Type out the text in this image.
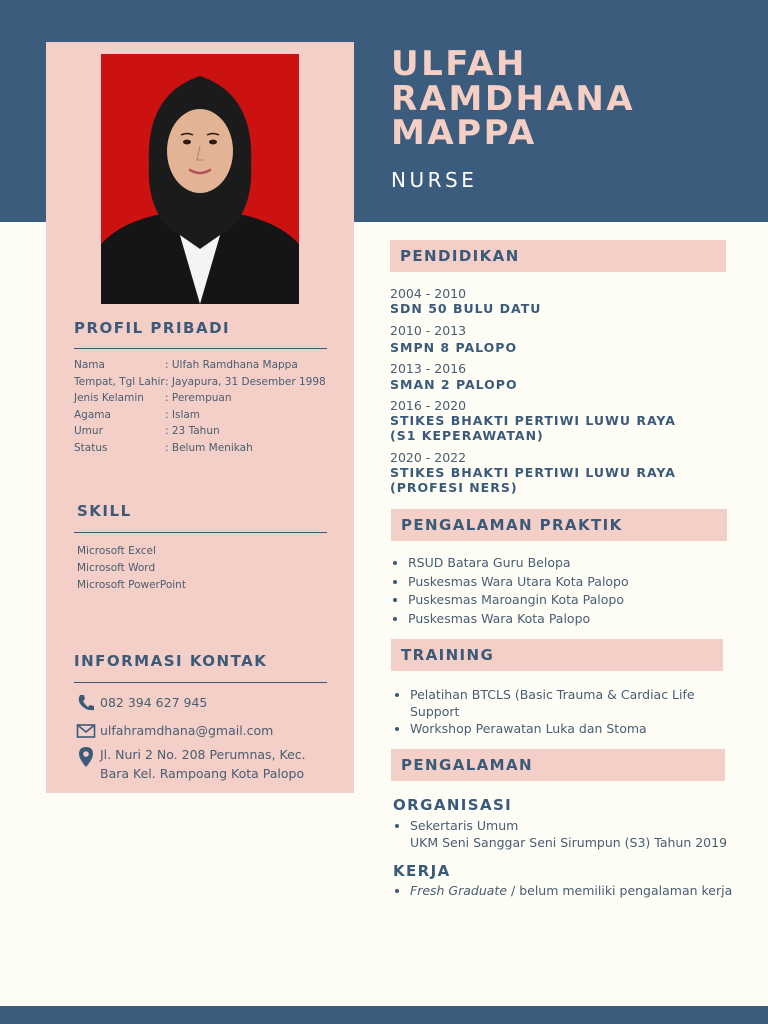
PROFIL PRIBADI
Nama	: Ulfah Ramdhana Mappa
Tempat, Tgl Lahir : Jayapura, 31 Desember 1998
Jenis Kelamin	: Perempuan
Agama	: Islam
Umur	: 23 Tahun
Status	: Belum Menikah
SKILL
Microsoft Excel
Microsoft Word
Microsoft PowerPoint
INFORMASI KONTAK
082 394 627 945
ulfahramdhana@gmail.com
Jl. Nuri 2 No. 208 Perumnas, Kec.
Bara Kel. Rampoang Kota Palopo
ULFAH
RAMDHANA
MAPPA
NURSE
PENDIDIKAN
2004 - 2010
SDN 50 BULU DATU
2010 - 2013
SMPN 8 PALOPO
2013 - 2016
SMAN 2 PALOPO
2016 - 2020
STIKES BHAKTI PERTIWI LUWU RAYA
(S1 KEPERAWATAN)
2020 - 2022
STIKES BHAKTI PERTIWI LUWU RAYA
(PROFESI NERS)
PENGALAMAN PRAKTIK
RSUD Batara Guru Belopa
Puskesmas Wara Utara Kota Palopo
Puskesmas Maroangin Kota Palopo
Puskesmas Wara Kota Palopo
TRAINING
Pelatihan BTCLS (Basic Trauma & Cardiac Life
Support
Workshop Perawatan Luka dan Stoma
PENGALAMAN
ORGANISASI
Sekertaris Umum
UKM Seni Sanggar Seni Sirumpun (S3) Tahun 2019
KERJA
Fresh Graduate / belum memiliki pengalaman kerja
